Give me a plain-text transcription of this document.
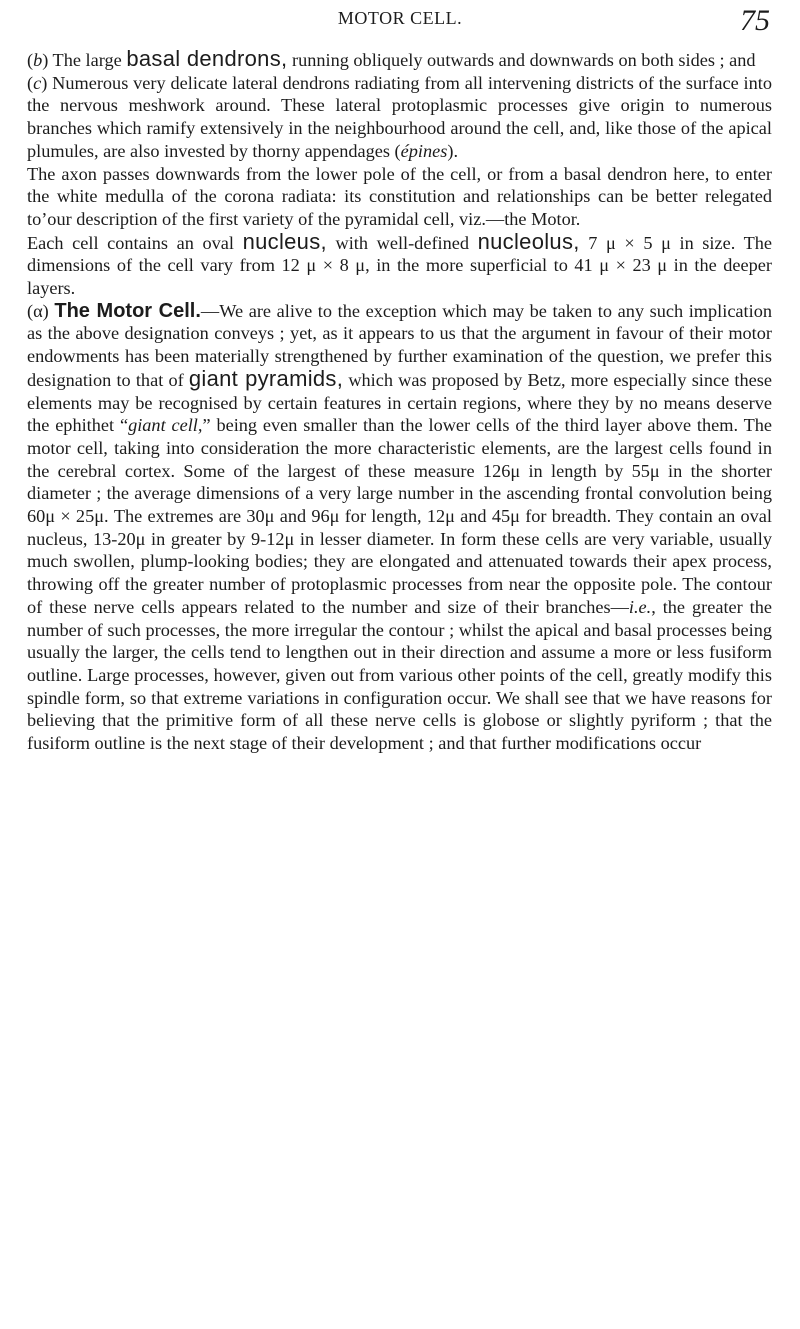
MOTOR CELL.	75

(b) The large basal dendrons, running obliquely outwards and downwards on both sides ; and

(c) Numerous very delicate lateral dendrons radiating from all intervening districts of the surface into the nervous meshwork around. These lateral protoplasmic processes give origin to numerous branches which ramify extensively in the neighbourhood around the cell, and, like those of the apical plumules, are also invested by thorny appendages (épines).

The axon passes downwards from the lower pole of the cell, or from a basal dendron here, to enter the white medulla of the corona radiata: its constitution and relationships can be better relegated to’our description of the first variety of the pyramidal cell, viz.—the Motor.

Each cell contains an oval nucleus, with well-defined nucleolus, 7 μ × 5 μ in size. The dimensions of the cell vary from 12 μ × 8 μ, in the more superficial to 41 μ × 23 μ in the deeper layers.

(α) The Motor Cell.—We are alive to the exception which may be taken to any such implication as the above designation conveys ; yet, as it appears to us that the argument in favour of their motor endowments has been materially strengthened by further examination of the question, we prefer this designation to that of giant pyramids, which was proposed by Betz, more especially since these elements may be recognised by certain features in certain regions, where they by no means deserve the ephithet “giant cell,” being even smaller than the lower cells of the third layer above them. The motor cell, taking into consideration the more characteristic elements, are the largest cells found in the cerebral cortex. Some of the largest of these measure 126μ in length by 55μ in the shorter diameter ; the average dimensions of a very large number in the ascending frontal convolution being 60μ × 25μ. The extremes are 30μ and 96μ for length, 12μ and 45μ for breadth. They contain an oval nucleus, 13-20μ in greater by 9-12μ in lesser diameter. In form these cells are very variable, usually much swollen, plump-looking bodies; they are elongated and attenuated towards their apex process, throwing off the greater number of protoplasmic processes from near the opposite pole. The contour of these nerve cells appears related to the number and size of their branches—i.e., the greater the number of such processes, the more irregular the contour ; whilst the apical and basal processes being usually the larger, the cells tend to lengthen out in their direction and assume a more or less fusiform outline. Large processes, however, given out from various other points of the cell, greatly modify this spindle form, so that extreme variations in configuration occur. We shall see that we have reasons for believing that the primitive form of all these nerve cells is globose or slightly pyriform ; that the fusiform outline is the next stage of their development ; and that further modifications occur
